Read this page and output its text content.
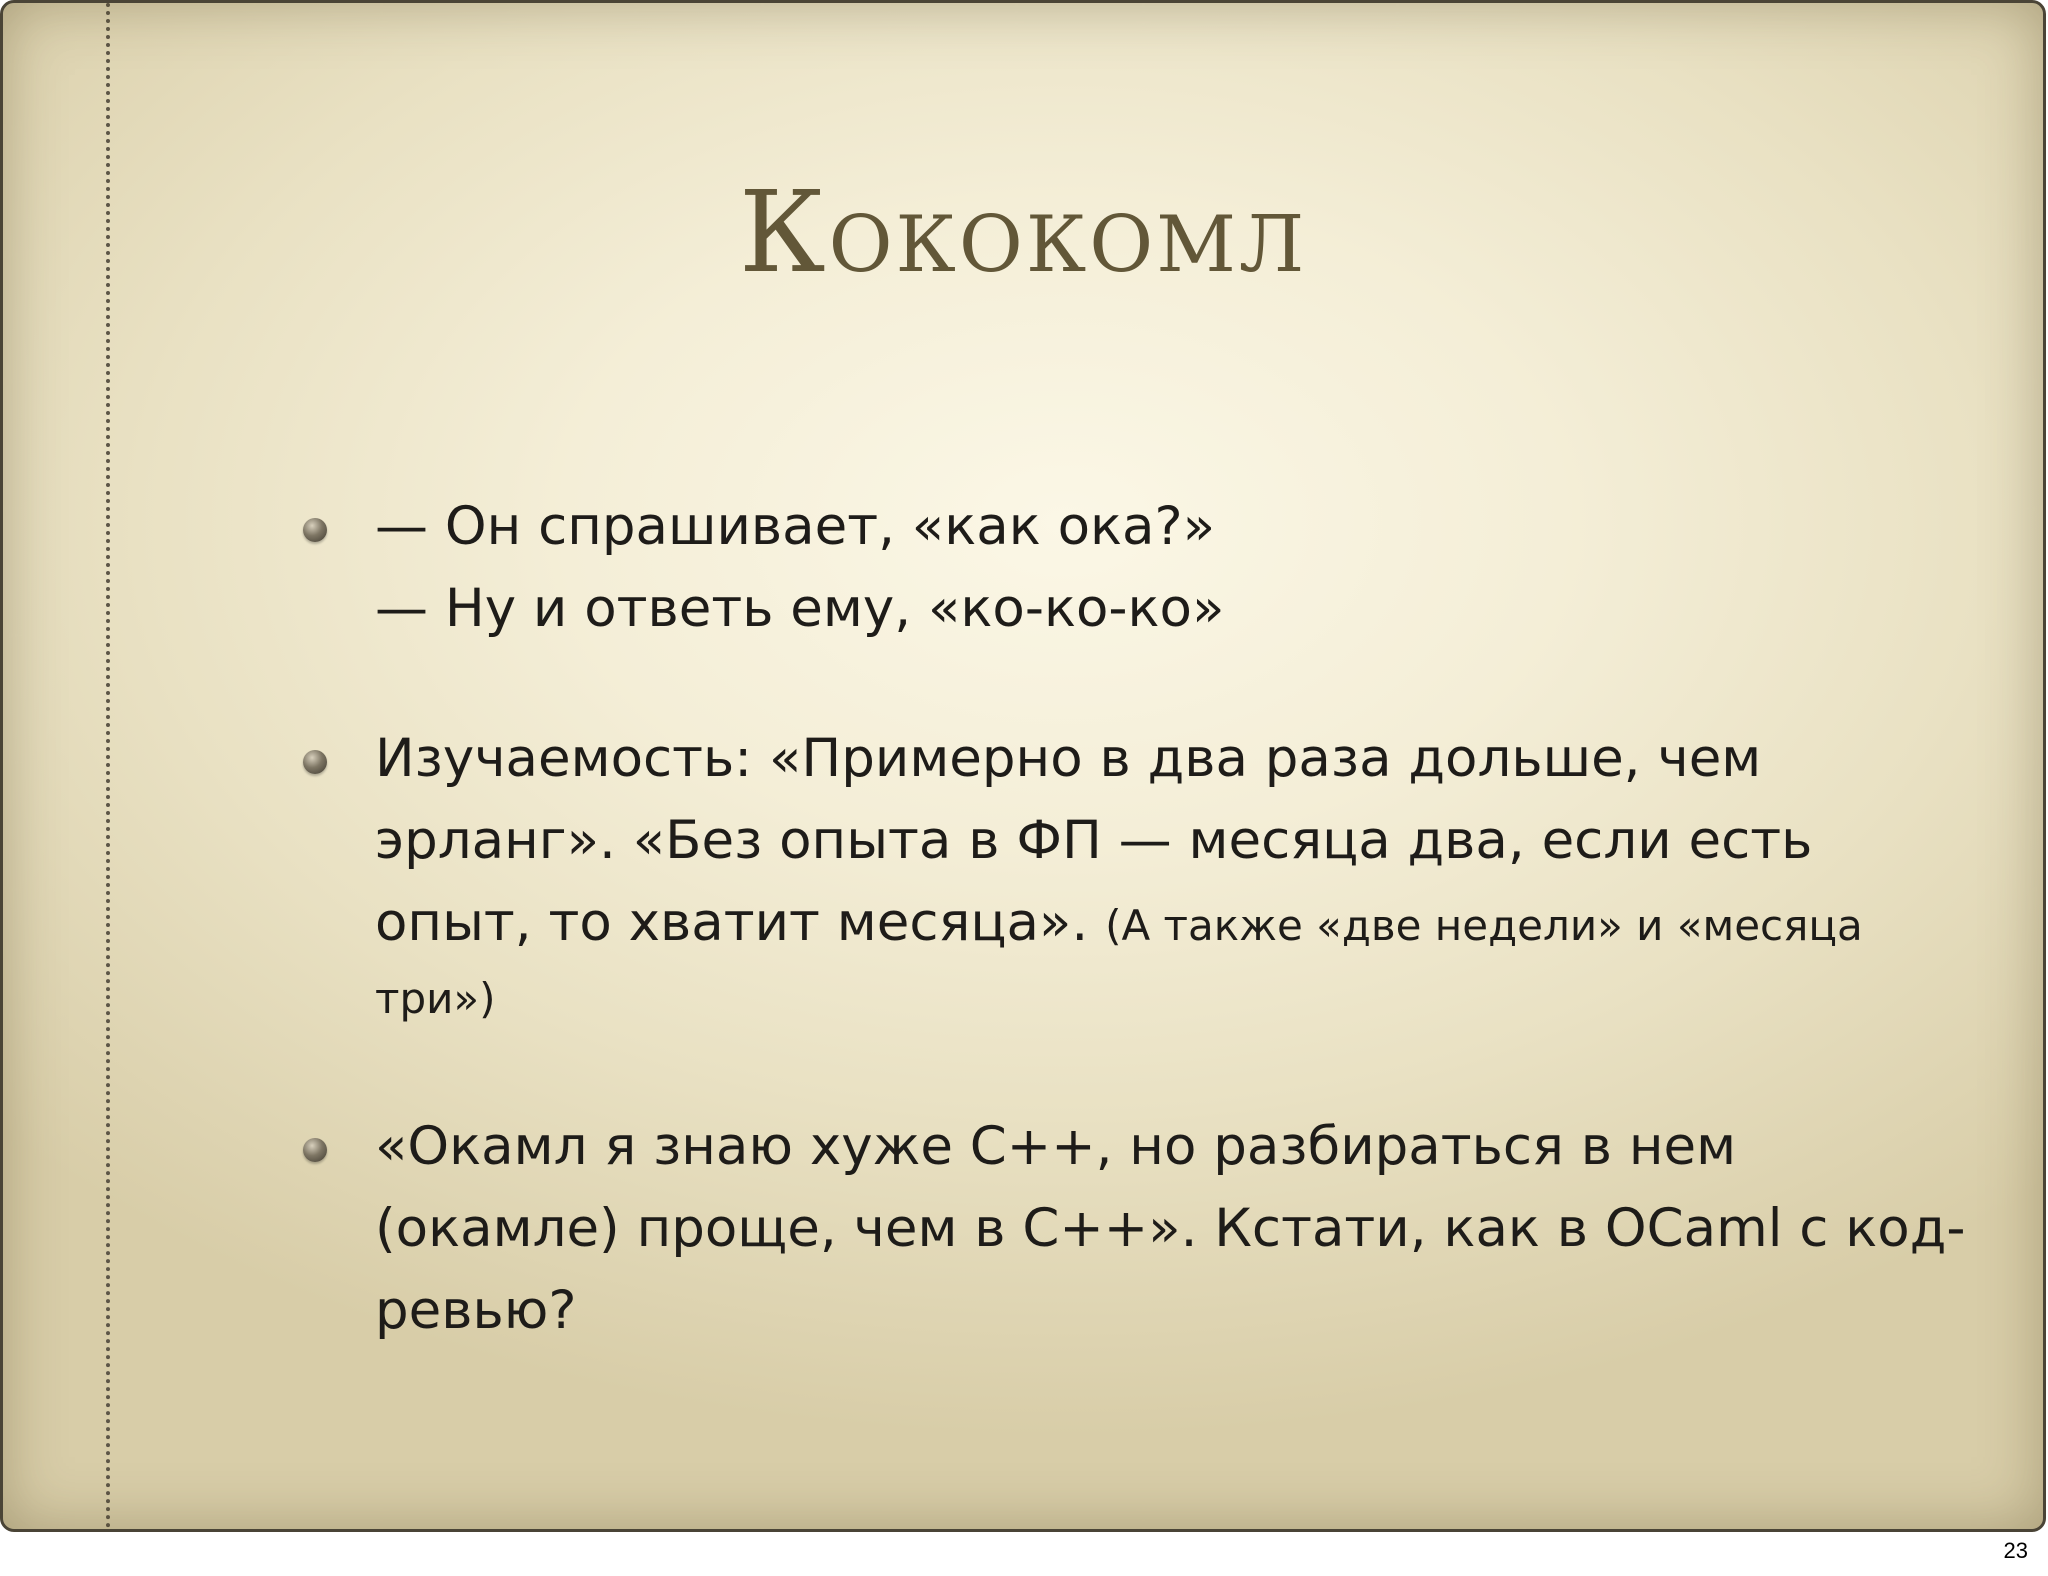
Кококомл
— Он спрашивает, «как ока?»
— Ну и ответь ему, «ко-ко-ко»
Изучаемость: «Примерно в два раза дольше, чем
эрланг». «Без опыта в ФП — месяца два, если есть
опыт, то хватит месяца». (А также «две недели» и «месяца
три»)
«Окамл я знаю хуже С++, но разбираться в нем
(окамле) проще, чем в С++». Кстати, как в OCaml с код-
ревью?
23
